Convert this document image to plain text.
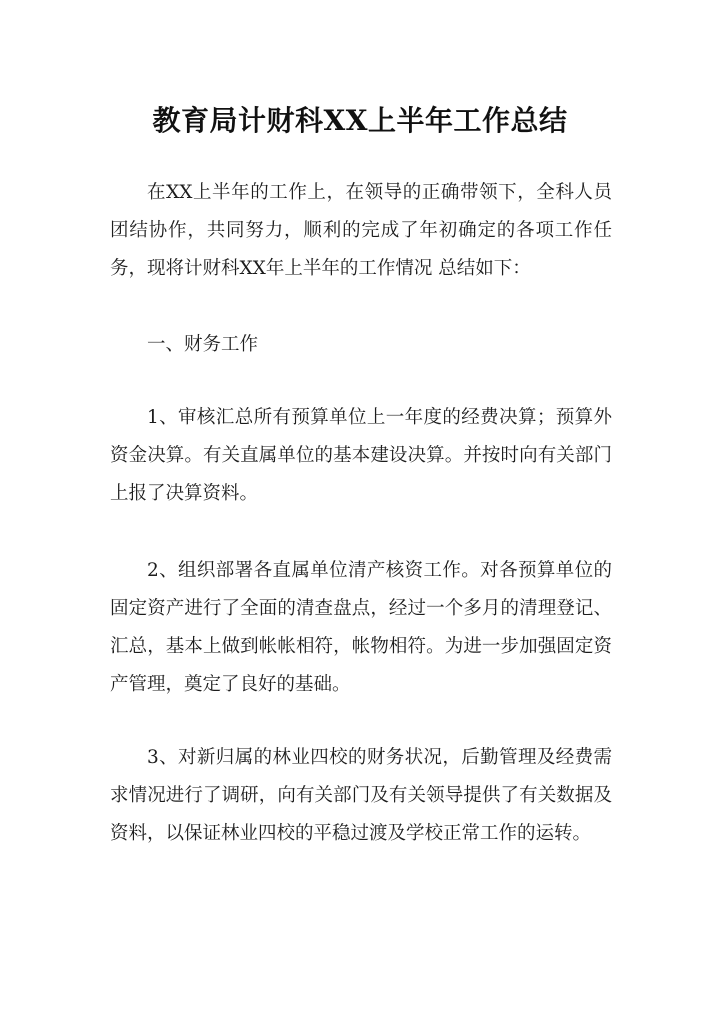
教育局计财科XX上半年工作总结

在XX上半年的工作上，在领导的正确带领下，全科人员团结协作，共同努力，顺利的完成了年初确定的各项工作任务，现将计财科XX年上半年的工作情况 总结如下：

一、财务工作

1、审核汇总所有预算单位上一年度的经费决算；预算外资金决算。有关直属单位的基本建设决算。并按时向有关部门上报了决算资料。

2、组织部署各直属单位清产核资工作。对各预算单位的固定资产进行了全面的清查盘点，经过一个多月的清理登记、汇总，基本上做到帐帐相符，帐物相符。为进一步加强固定资产管理，奠定了良好的基础。

3、对新归属的林业四校的财务状况，后勤管理及经费需求情况进行了调研，向有关部门及有关领导提供了有关数据及资料，以保证林业四校的平稳过渡及学校正常工作的运转。
